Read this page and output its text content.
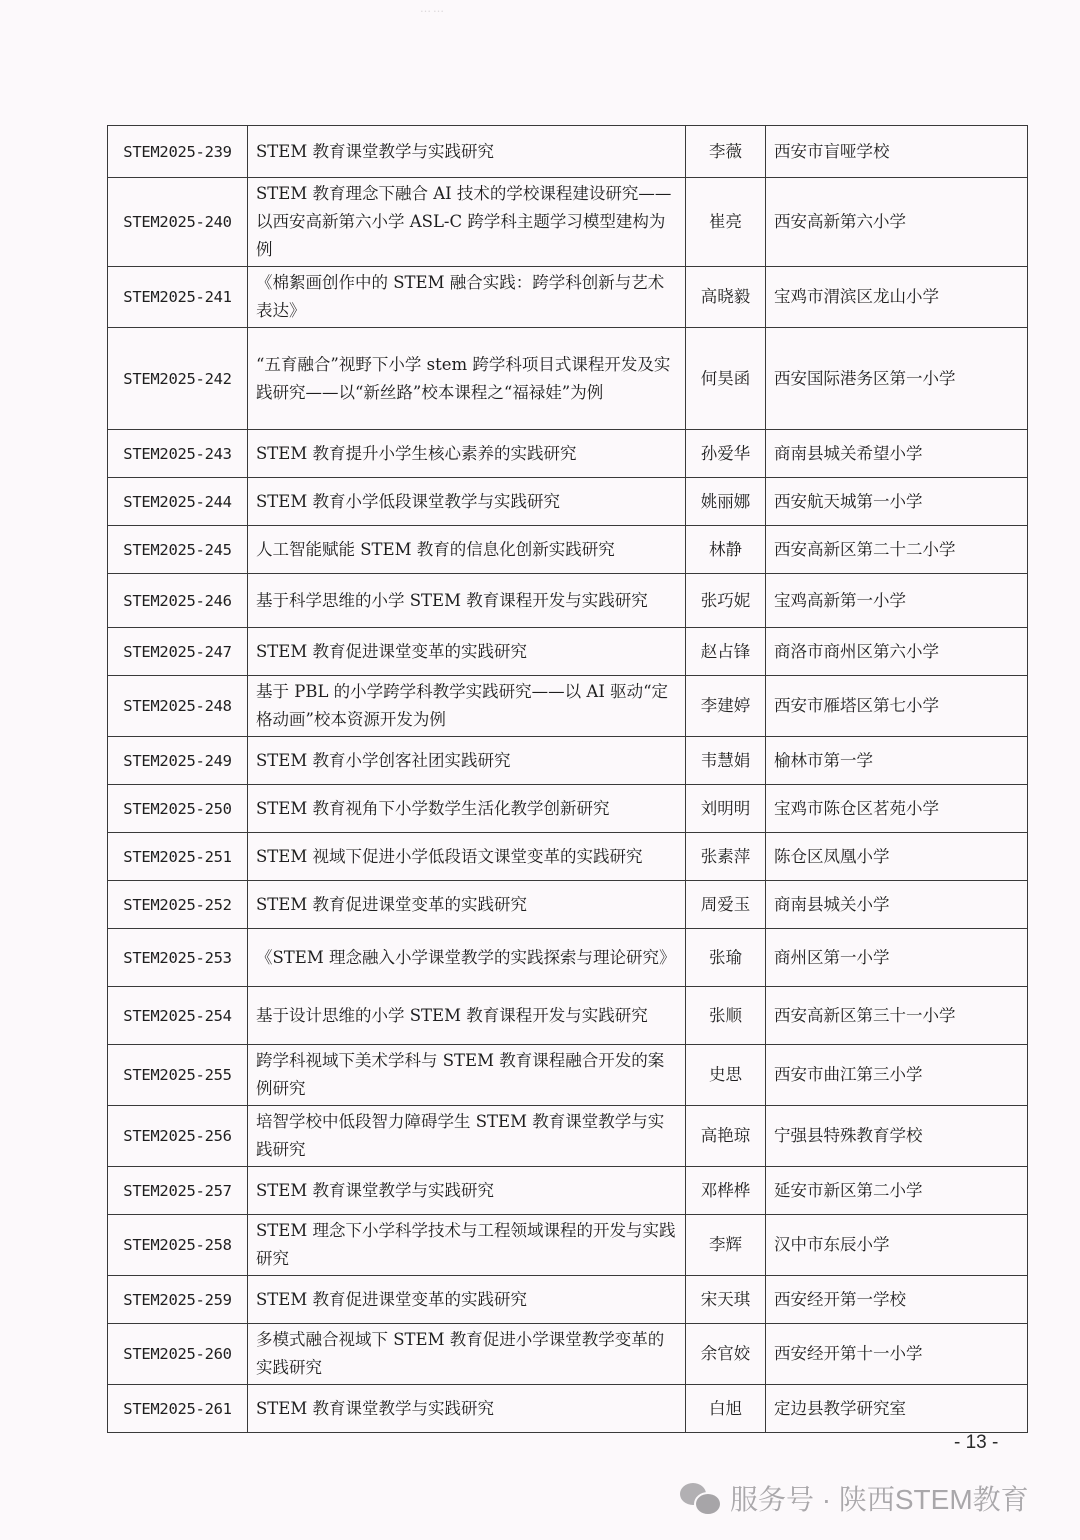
……
STEM2025-239	STEM 教育课堂教学与实践研究	李薇	西安市盲哑学校
STEM2025-240	STEM 教育理念下融合 AI 技术的学校课程建设研究——以西安高新第六小学 ASL-C 跨学科主题学习模型建构为例	崔亮	西安高新第六小学
STEM2025-241	《棉絮画创作中的 STEM 融合实践：跨学科创新与艺术表达》	高晓毅	宝鸡市渭滨区龙山小学
STEM2025-242	“五育融合”视野下小学 stem 跨学科项目式课程开发及实践研究——以“新丝路”校本课程之“福禄娃”为例	何昊函	西安国际港务区第一小学
STEM2025-243	STEM 教育提升小学生核心素养的实践研究	孙爱华	商南县城关希望小学
STEM2025-244	STEM 教育小学低段课堂教学与实践研究	姚丽娜	西安航天城第一小学
STEM2025-245	人工智能赋能 STEM 教育的信息化创新实践研究	林静	西安高新区第二十二小学
STEM2025-246	基于科学思维的小学 STEM 教育课程开发与实践研究	张巧妮	宝鸡高新第一小学
STEM2025-247	STEM 教育促进课堂变革的实践研究	赵占锋	商洛市商州区第六小学
STEM2025-248	基于 PBL 的小学跨学科教学实践研究——以 AI 驱动“定格动画”校本资源开发为例	李建婷	西安市雁塔区第七小学
STEM2025-249	STEM 教育小学创客社团实践研究	韦慧娟	榆林市第一学
STEM2025-250	STEM 教育视角下小学数学生活化教学创新研究	刘明明	宝鸡市陈仓区茗苑小学
STEM2025-251	STEM 视域下促进小学低段语文课堂变革的实践研究	张素萍	陈仓区凤凰小学
STEM2025-252	STEM 教育促进课堂变革的实践研究	周爱玉	商南县城关小学
STEM2025-253	《STEM 理念融入小学课堂教学的实践探索与理论研究》	张瑜	商州区第一小学
STEM2025-254	基于设计思维的小学 STEM 教育课程开发与实践研究	张顺	西安高新区第三十一小学
STEM2025-255	跨学科视域下美术学科与 STEM 教育课程融合开发的案例研究	史思	西安市曲江第三小学
STEM2025-256	培智学校中低段智力障碍学生 STEM 教育课堂教学与实践研究	高艳琼	宁强县特殊教育学校
STEM2025-257	STEM 教育课堂教学与实践研究	邓桦桦	延安市新区第二小学
STEM2025-258	STEM 理念下小学科学技术与工程领域课程的开发与实践研究	李辉	汉中市东辰小学
STEM2025-259	STEM 教育促进课堂变革的实践研究	宋天琪	西安经开第一学校
STEM2025-260	多模式融合视域下 STEM 教育促进小学课堂教学变革的实践研究	余官姣	西安经开第十一小学
STEM2025-261	STEM 教育课堂教学与实践研究	白旭	定边县教学研究室
- 13 -
服务号 · 陕西STEM教育
